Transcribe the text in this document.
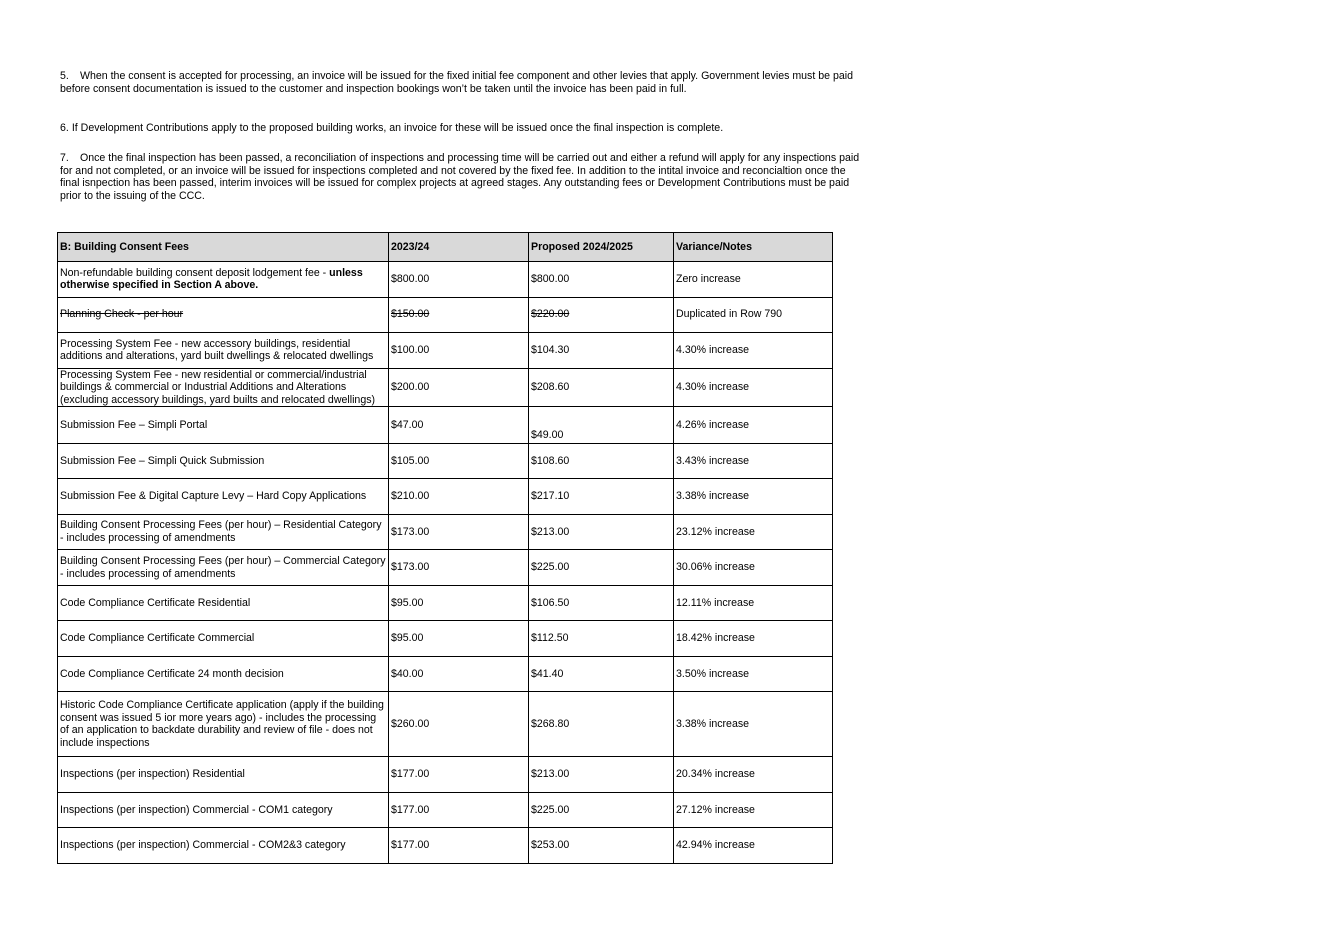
5. When the consent is accepted for processing, an invoice will be issued for the fixed initial fee component and other levies that apply. Government levies must be paid before consent documentation is issued to the customer and inspection bookings won’t be taken until the invoice has been paid in full.

6. If Development Contributions apply to the proposed building works, an invoice for these will be issued once the final inspection is complete.

7. Once the final inspection has been passed, a reconciliation of inspections and processing time will be carried out and either a refund will apply for any inspections paid for and not completed, or an invoice will be issued for inspections completed and not covered by the fixed fee. In addition to the intital invoice and reconcialtion once the final isnpection has been passed, interim invoices will be issued for complex projects at agreed stages. Any outstanding fees or Development Contributions must be paid prior to the issuing of the CCC.

B: Building Consent Fees	2023/24	Proposed 2024/2025	Variance/Notes
Non-refundable building consent deposit lodgement fee - unless otherwise specified in Section A above.	$800.00	$800.00	Zero increase
Planning Check - per hour	$150.00	$220.00	Duplicated in Row 790
Processing System Fee - new accessory buildings, residential additions and alterations, yard built dwellings & relocated dwellings	$100.00	$104.30	4.30% increase
Processing System Fee - new residential or commercial/industrial buildings & commercial or Industrial Additions and Alterations (excluding accessory buildings, yard builts and relocated dwellings)	$200.00	$208.60	4.30% increase
Submission Fee – Simpli Portal	$47.00	$49.00	4.26% increase
Submission Fee – Simpli Quick Submission	$105.00	$108.60	3.43% increase
Submission Fee & Digital Capture Levy – Hard Copy Applications	$210.00	$217.10	3.38% increase
Building Consent Processing Fees (per hour) – Residential Category - includes processing of amendments	$173.00	$213.00	23.12% increase
Building Consent Processing Fees (per hour) – Commercial Category - includes processing of amendments	$173.00	$225.00	30.06% increase
Code Compliance Certificate Residential	$95.00	$106.50	12.11% increase
Code Compliance Certificate Commercial	$95.00	$112.50	18.42% increase
Code Compliance Certificate 24 month decision	$40.00	$41.40	3.50% increase
Historic Code Compliance Certificate application (apply if the building consent was issued 5 ior more years ago) - includes the processing of an application to backdate durability and review of file - does not include inspections	$260.00	$268.80	3.38% increase
Inspections (per inspection) Residential	$177.00	$213.00	20.34% increase
Inspections (per inspection) Commercial - COM1 category	$177.00	$225.00	27.12% increase
Inspections (per inspection) Commercial - COM2&3 category	$177.00	$253.00	42.94% increase
